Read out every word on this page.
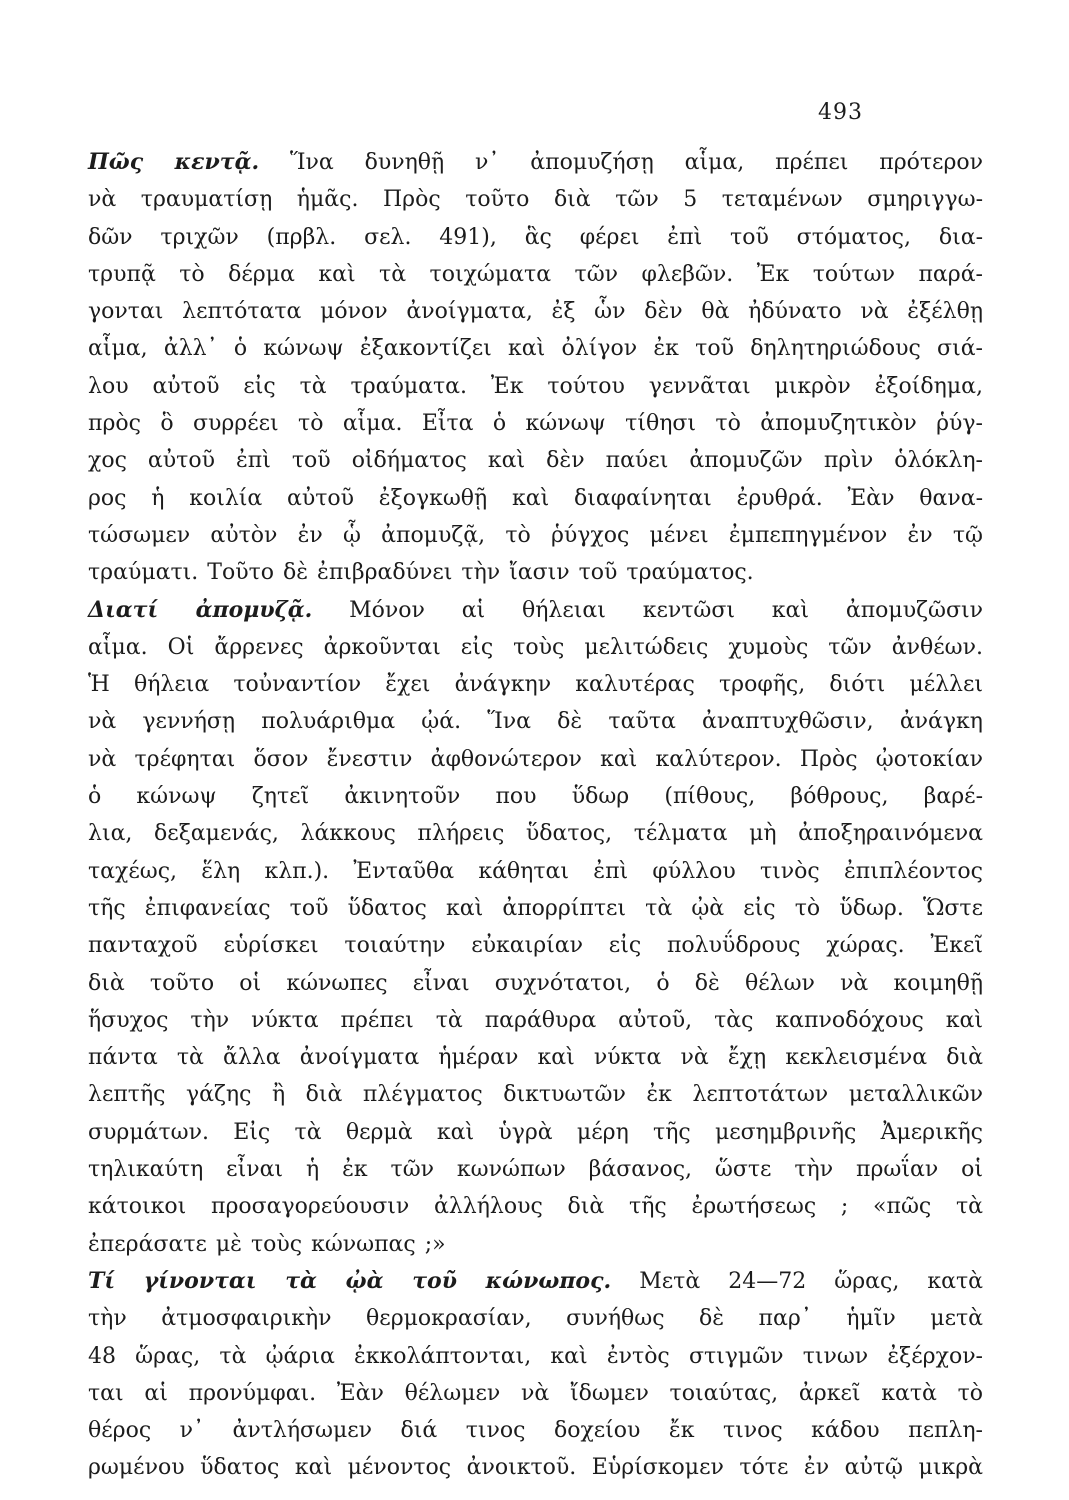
493
Πῶς κεντᾷ. Ἵνα δυνηθῇ ν᾽ ἀπομυζήσῃ αἷμα, πρέπει πρότερον
νὰ τραυματίσῃ ἡμᾶς. Πρὸς τοῦτο διὰ τῶν 5 τεταμένων σμηριγγω-
δῶν τριχῶν (πρβλ. σελ. 491), ἃς φέρει ἐπὶ τοῦ στόματος, δια-
τρυπᾷ τὸ δέρμα καὶ τὰ τοιχώματα τῶν φλεβῶν. Ἐκ τούτων παρά-
γονται λεπτότατα μόνον ἀνοίγματα, ἐξ ὧν δὲν θὰ ἠδύνατο νὰ ἐξέλθῃ
αἷμα, ἀλλ᾽ ὁ κώνωψ ἐξακοντίζει καὶ ὀλίγον ἐκ τοῦ δηλητηριώδους σιά-
λου αὐτοῦ εἰς τὰ τραύματα. Ἐκ τούτου γεννᾶται μικρὸν ἐξοίδημα,
πρὸς ὃ συρρέει τὸ αἷμα. Εἶτα ὁ κώνωψ τίθησι τὸ ἀπομυζητικὸν ῥύγ-
χος αὐτοῦ ἐπὶ τοῦ οἰδήματος καὶ δὲν παύει ἀπομυζῶν πρὶν ὁλόκλη-
ρος ἡ κοιλία αὐτοῦ ἐξογκωθῇ καὶ διαφαίνηται ἐρυθρά. Ἐὰν θανα-
τώσωμεν αὐτὸν ἐν ᾧ ἀπομυζᾷ, τὸ ῥύγχος μένει ἐμπεπηγμένον ἐν τῷ
τραύματι. Τοῦτο δὲ ἐπιβραδύνει τὴν ἴασιν τοῦ τραύματος.
Διατί ἀπομυζᾷ. Μόνον αἱ θήλειαι κεντῶσι καὶ ἀπομυζῶσιν
αἷμα. Οἱ ἄρρενες ἀρκοῦνται εἰς τοὺς μελιτώδεις χυμοὺς τῶν ἀνθέων.
Ἡ θήλεια τοὐναντίον ἔχει ἀνάγκην καλυτέρας τροφῆς, διότι μέλλει
νὰ γεννήσῃ πολυάριθμα ᾠά. Ἵνα δὲ ταῦτα ἀναπτυχθῶσιν, ἀνάγκη
νὰ τρέφηται ὅσον ἔνεστιν ἀφθονώτερον καὶ καλύτερον. Πρὸς ᾠοτοκίαν
ὁ κώνωψ ζητεῖ ἀκινητοῦν που ὕδωρ (πίθους, βόθρους, βαρέ-
λια, δεξαμενάς, λάκκους πλήρεις ὕδατος, τέλματα μὴ ἀποξηραινόμενα
ταχέως, ἕλη κλπ.). Ἐνταῦθα κάθηται ἐπὶ φύλλου τινὸς ἐπιπλέοντος
τῆς ἐπιφανείας τοῦ ὕδατος καὶ ἀπορρίπτει τὰ ᾠὰ εἰς τὸ ὕδωρ. Ὥστε
πανταχοῦ εὑρίσκει τοιαύτην εὐκαιρίαν εἰς πολυΰδρους χώρας. Ἐκεῖ
διὰ τοῦτο οἱ κώνωπες εἶναι συχνότατοι, ὁ δὲ θέλων νὰ κοιμηθῇ
ἥσυχος τὴν νύκτα πρέπει τὰ παράθυρα αὐτοῦ, τὰς καπνοδόχους καὶ
πάντα τὰ ἄλλα ἀνοίγματα ἡμέραν καὶ νύκτα νὰ ἔχῃ κεκλεισμένα διὰ
λεπτῆς γάζης ἢ διὰ πλέγματος δικτυωτῶν ἐκ λεπτοτάτων μεταλλικῶν
συρμάτων. Εἰς τὰ θερμὰ καὶ ὑγρὰ μέρη τῆς μεσημβρινῆς Ἀμερικῆς
τηλικαύτη εἶναι ἡ ἐκ τῶν κωνώπων βάσανος, ὥστε τὴν πρωΐαν οἱ
κάτοικοι προσαγορεύουσιν ἀλλήλους διὰ τῆς ἐρωτήσεως ; «πῶς τὰ
ἐπεράσατε μὲ τοὺς κώνωπας ;»
Τί γίνονται τὰ ᾠὰ τοῦ κώνωπος. Μετὰ 24—72 ὥρας, κατὰ
τὴν ἀτμοσφαιρικὴν θερμοκρασίαν, συνήθως δὲ παρ᾽ ἡμῖν μετὰ
48 ὥρας, τὰ ᾠάρια ἐκκολάπτονται, καὶ ἐντὸς στιγμῶν τινων ἐξέρχον-
ται αἱ προνύμφαι. Ἐὰν θέλωμεν νὰ ἴδωμεν τοιαύτας, ἀρκεῖ κατὰ τὸ
θέρος ν᾽ ἀντλήσωμεν διά τινος δοχείου ἔκ τινος κάδου πεπλη-
ρωμένου ὕδατος καὶ μένοντος ἀνοικτοῦ. Εὑρίσκομεν τότε ἐν αὐτῷ μικρὰ
